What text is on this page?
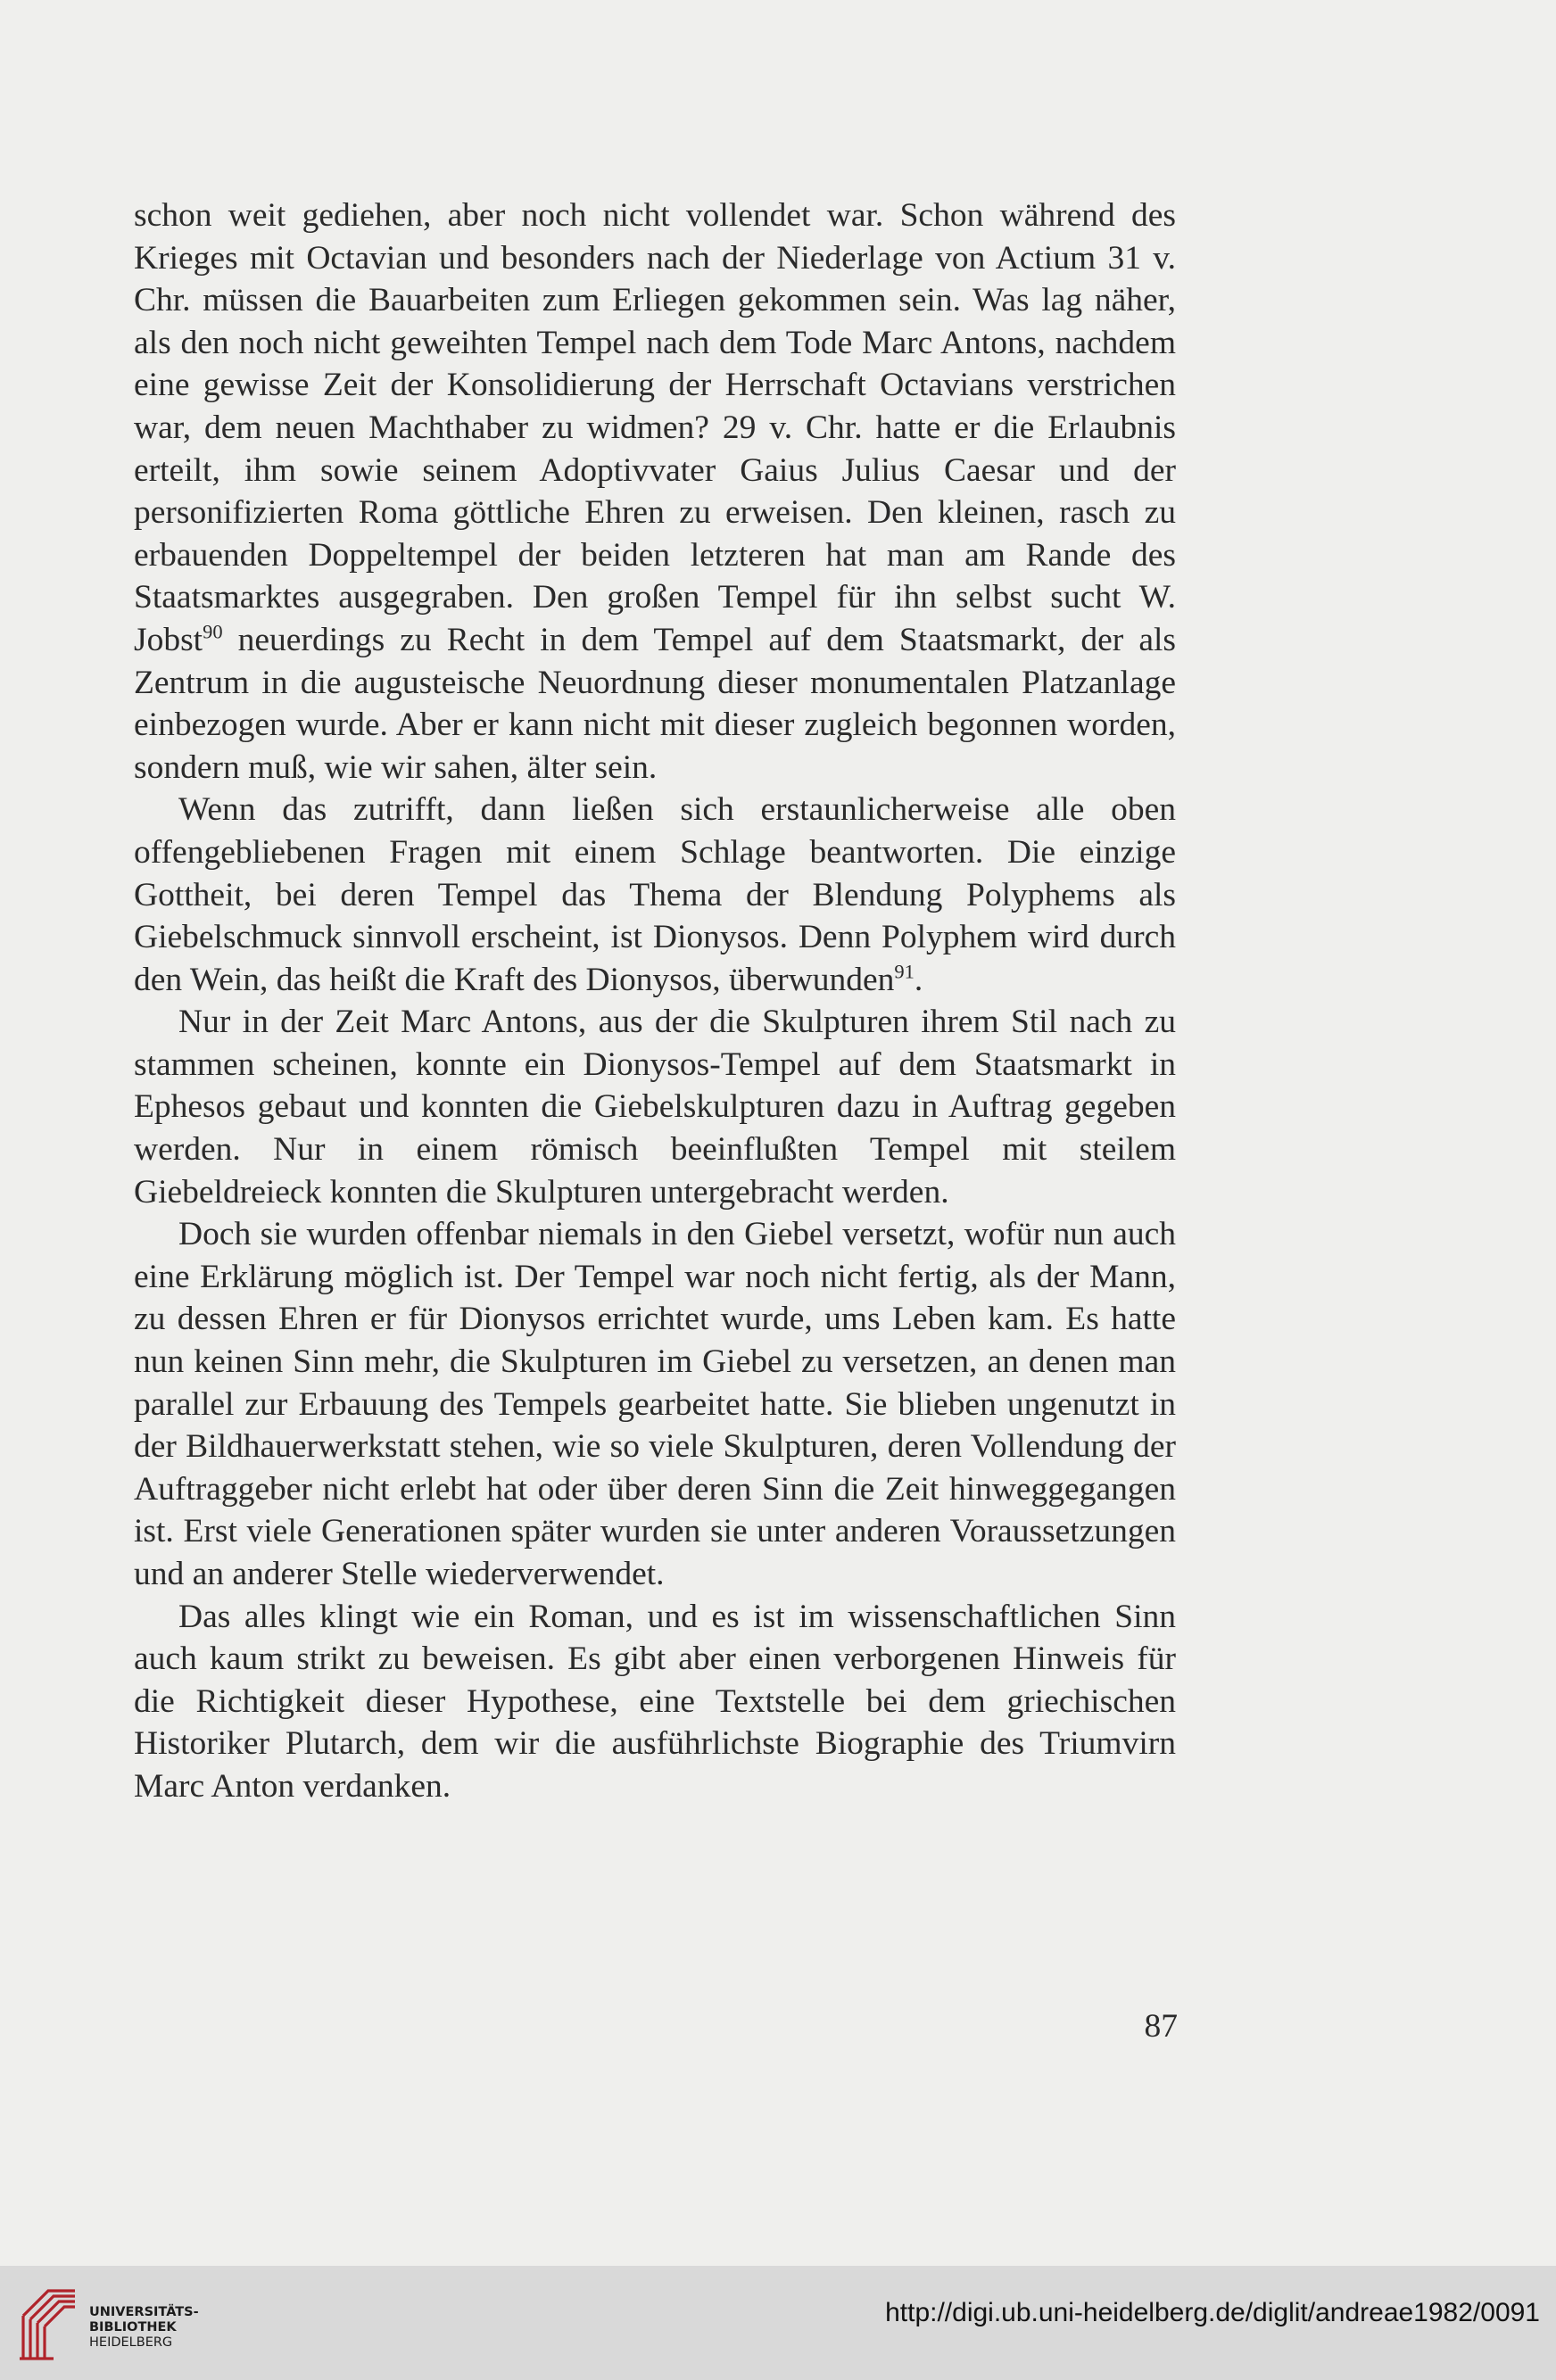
schon weit gediehen, aber noch nicht vollendet war. Schon während des Krieges mit Octavian und besonders nach der Niederlage von Actium 31 v. Chr. müssen die Bauarbeiten zum Erliegen gekommen sein. Was lag näher, als den noch nicht geweihten Tempel nach dem Tode Marc Antons, nachdem eine gewisse Zeit der Konsolidierung der Herrschaft Octavians verstrichen war, dem neuen Machthaber zu widmen? 29 v. Chr. hatte er die Erlaubnis erteilt, ihm sowie seinem Adoptivvater Gaius Julius Caesar und der personifizierten Roma göttliche Ehren zu erweisen. Den kleinen, rasch zu erbauenden Doppeltempel der beiden letzteren hat man am Rande des Staatsmarktes ausgegraben. Den großen Tempel für ihn selbst sucht W. Jobst$^{90}$ neuerdings zu Recht in dem Tempel auf dem Staatsmarkt, der als Zentrum in die augusteische Neuordnung dieser monumentalen Platzanlage einbezogen wurde. Aber er kann nicht mit dieser zugleich begonnen worden, sondern muß, wie wir sahen, älter sein.

Wenn das zutrifft, dann ließen sich erstaunlicherweise alle oben offengebliebenen Fragen mit einem Schlage beantworten. Die einzige Gottheit, bei deren Tempel das Thema der Blendung Polyphems als Giebelschmuck sinnvoll erscheint, ist Dionysos. Denn Polyphem wird durch den Wein, das heißt die Kraft des Dionysos, überwunden$^{91}$.

Nur in der Zeit Marc Antons, aus der die Skulpturen ihrem Stil nach zu stammen scheinen, konnte ein Dionysos-Tempel auf dem Staatsmarkt in Ephesos gebaut und konnten die Giebelskulpturen dazu in Auftrag gegeben werden. Nur in einem römisch beeinflußten Tempel mit steilem Giebeldreieck konnten die Skulpturen untergebracht werden.

Doch sie wurden offenbar niemals in den Giebel versetzt, wofür nun auch eine Erklärung möglich ist. Der Tempel war noch nicht fertig, als der Mann, zu dessen Ehren er für Dionysos errichtet wurde, ums Leben kam. Es hatte nun keinen Sinn mehr, die Skulpturen im Giebel zu versetzen, an denen man parallel zur Erbauung des Tempels gearbeitet hatte. Sie blieben ungenutzt in der Bildhauerwerkstatt stehen, wie so viele Skulpturen, deren Vollendung der Auftraggeber nicht erlebt hat oder über deren Sinn die Zeit hinweggegangen ist. Erst viele Generationen später wurden sie unter anderen Voraussetzungen und an anderer Stelle wiederverwendet.

Das alles klingt wie ein Roman, und es ist im wissenschaftlichen Sinn auch kaum strikt zu beweisen. Es gibt aber einen verborgenen Hinweis für die Richtigkeit dieser Hypothese, eine Textstelle bei dem griechischen Historiker Plutarch, dem wir die ausführlichste Biographie des Triumvirn Marc Anton verdanken.

87
UNIVERSITÄTS-
BIBLIOTHEK
HEIDELBERG
http://digi.ub.uni-heidelberg.de/diglit/andreae1982/0091
